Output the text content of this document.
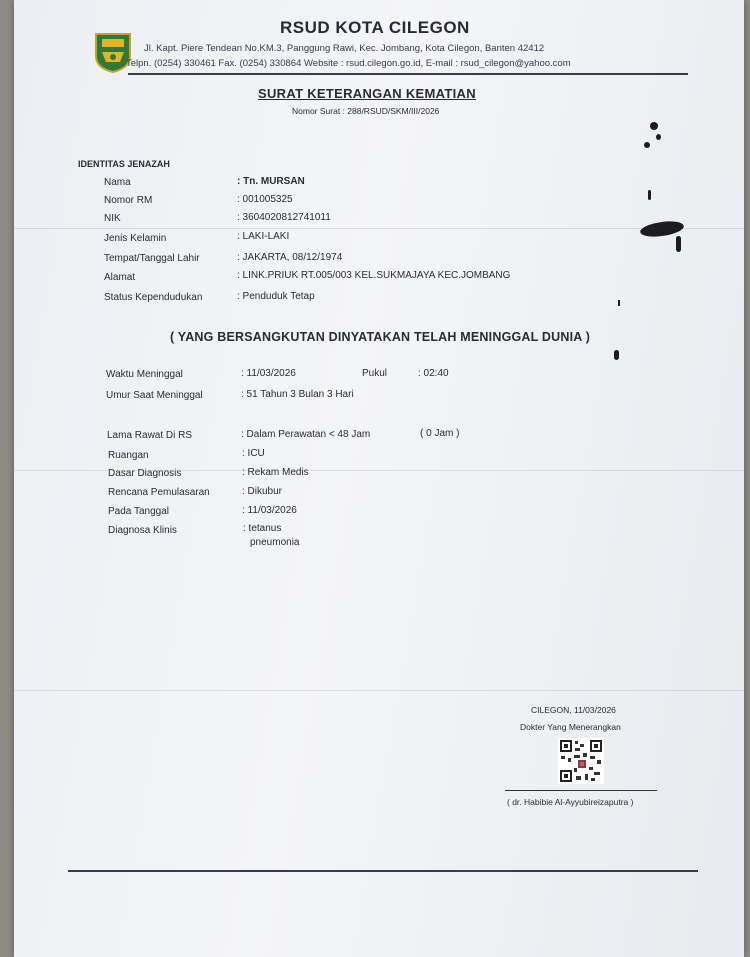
RSUD KOTA CILEGON
Jl. Kapt. Piere Tendean No.KM.3, Panggung Rawi, Kec. Jombang, Kota Cilegon, Banten 42412
Telpn. (0254) 330461 Fax. (0254) 330864 Website : rsud.cilegon.go.id, E-mail : rsud_cilegon@yahoo.com
SURAT KETERANGAN KEMATIAN
Nomor Surat : 288/RSUD/SKM/III/2026
IDENTITAS JENAZAH
Nama	: Tn. MURSAN
Nomor RM	: 001005325
NIK	: 3604020812741011
Jenis Kelamin	: LAKI-LAKI
Tempat/Tanggal Lahir	: JAKARTA, 08/12/1974
Alamat	: LINK.PRIUK RT.005/003 KEL.SUKMAJAYA KEC.JOMBANG
Status Kependudukan	: Penduduk Tetap
( YANG BERSANGKUTAN DINYATAKAN TELAH MENINGGAL DUNIA )
Waktu Meninggal	: 11/03/2026	Pukul	: 02:40
Umur Saat Meninggal	: 51 Tahun 3 Bulan 3 Hari
Lama Rawat Di RS	: Dalam Perawatan < 48 Jam	( 0 Jam )
Ruangan	: ICU
Dasar Diagnosis	: Rekam Medis
Rencana Pemulasaran	: Dikubur
Pada Tanggal	: 11/03/2026
Diagnosa Klinis	: tetanus
pneumonia
CILEGON, 11/03/2026
Dokter Yang Menerangkan
( dr. Habibie Al-Ayyubireizaputra )
